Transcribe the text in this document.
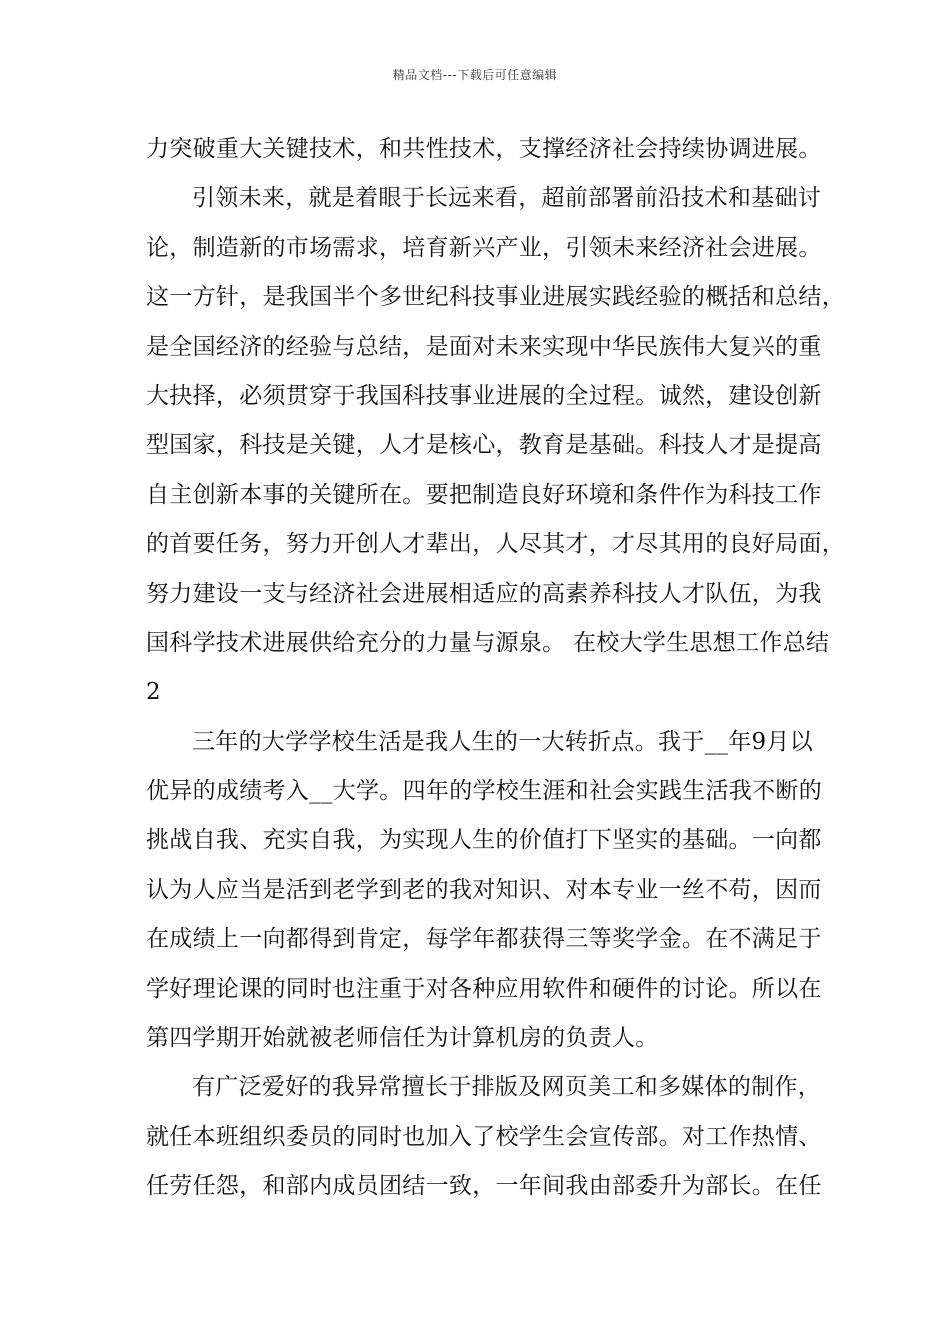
精品文档---下载后可任意编辑
力突破重大关键技术，和共性技术，支撑经济社会持续协调进展。
引领未来，就是着眼于长远来看，超前部署前沿技术和基础讨
论，制造新的市场需求，培育新兴产业，引领未来经济社会进展。
这一方针，是我国半个多世纪科技事业进展实践经验的概括和总结，
是全国经济的经验与总结，是面对未来实现中华民族伟大复兴的重
大抉择，必须贯穿于我国科技事业进展的全过程。诚然，建设创新
型国家，科技是关键，人才是核心，教育是基础。科技人才是提高
自主创新本事的关键所在。要把制造良好环境和条件作为科技工作
的首要任务，努力开创人才辈出，人尽其才，才尽其用的良好局面，
努力建设一支与经济社会进展相适应的高素养科技人才队伍，为我
国科学技术进展供给充分的力量与源泉。 在校大学生思想工作总结
2
三年的大学学校生活是我人生的一大转折点。我于__年9月以
优异的成绩考入__大学。四年的学校生涯和社会实践生活我不断的
挑战自我、充实自我，为实现人生的价值打下坚实的基础。一向都
认为人应当是活到老学到老的我对知识、对本专业一丝不苟，因而
在成绩上一向都得到肯定，每学年都获得三等奖学金。在不满足于
学好理论课的同时也注重于对各种应用软件和硬件的讨论。所以在
第四学期开始就被老师信任为计算机房的负责人。
有广泛爱好的我异常擅长于排版及网页美工和多媒体的制作，
就任本班组织委员的同时也加入了校学生会宣传部。对工作热情、
任劳任怨，和部内成员团结一致，一年间我由部委升为部长。在任
